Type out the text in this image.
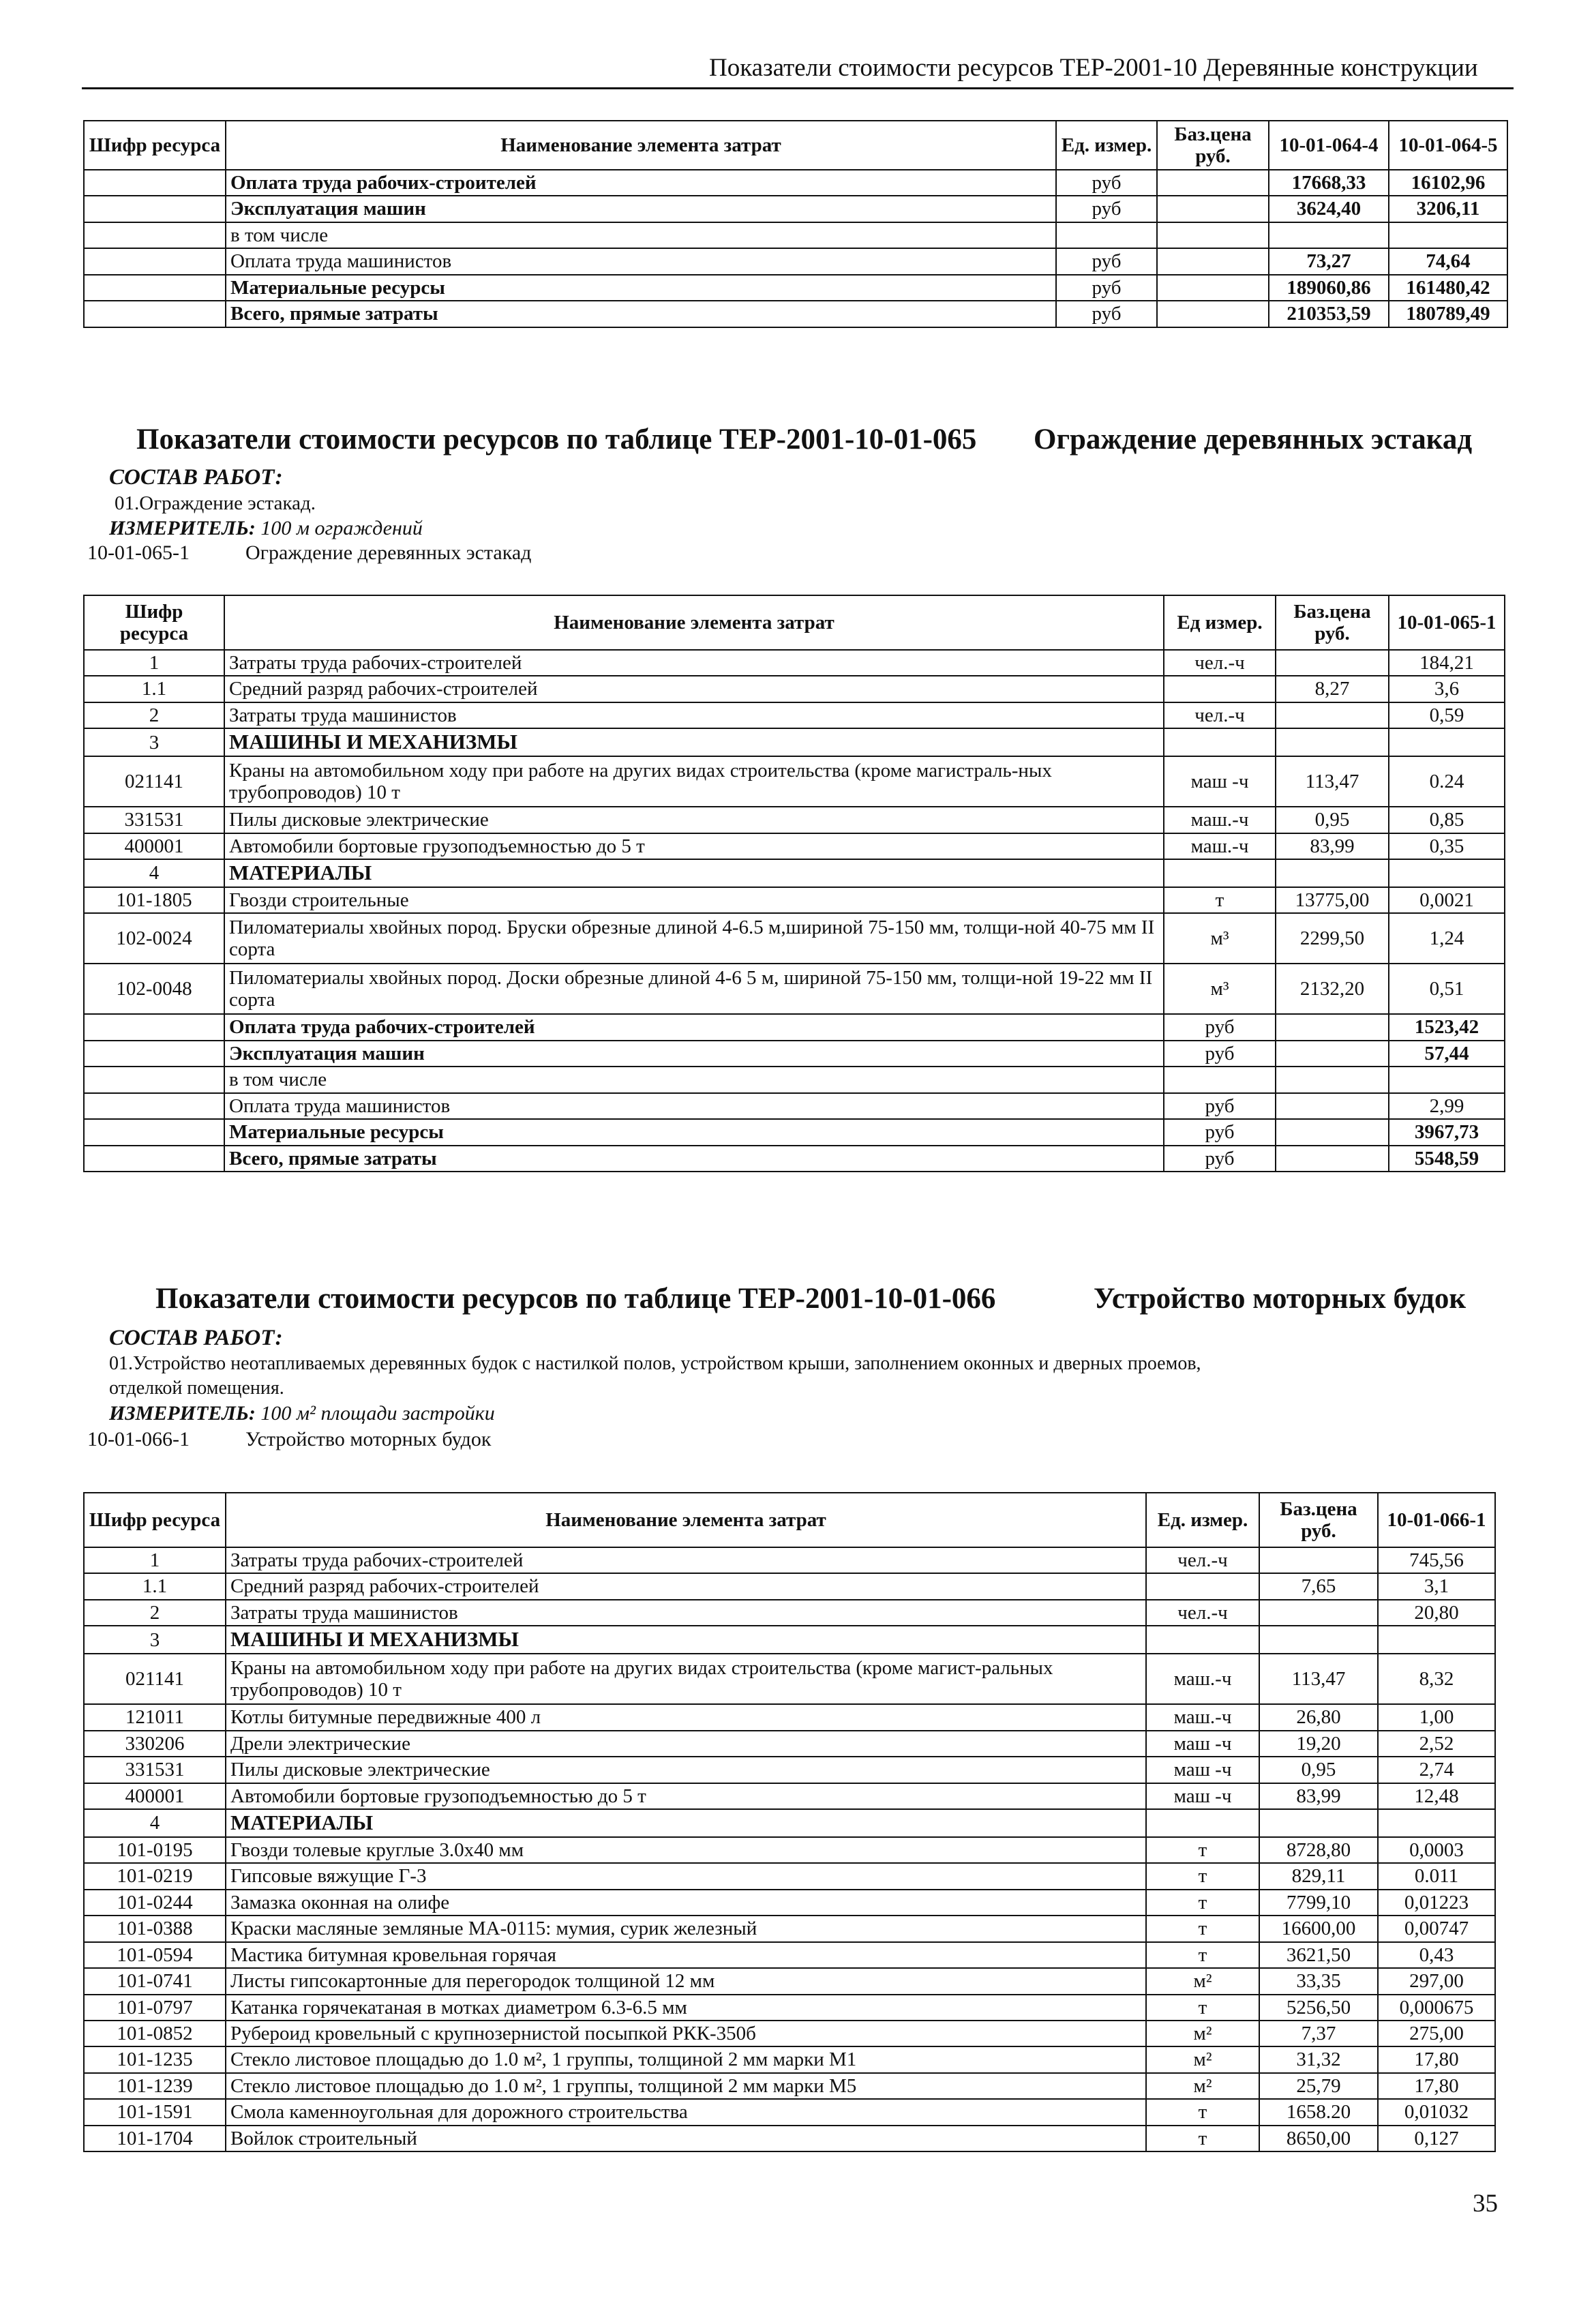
Показатели стоимости ресурсов ТЕР-2001-10 Деревянные конструкции
Шифр ресурса	Наименование элемента затрат	Ед. измер.	Баз.цена руб.	10-01-064-4	10-01-064-5
	Оплата труда рабочих-строителей	руб		17668,33	16102,96
	Эксплуатация машин	руб		3624,40	3206,11
	в том числе				
	Оплата труда машинистов	руб		73,27	74,64
	Материальные ресурсы	руб		189060,86	161480,42
	Всего, прямые затраты	руб		210353,59	180789,49
Показатели стоимости ресурсов по таблице ТЕР-2001-10-01-065 Ограждение деревянных эстакад
СОСТАВ РАБОТ:
01.Ограждение эстакад.
ИЗМЕРИТЕЛЬ: 100 м ограждений
10-01-065-1	Ограждение деревянных эстакад
Шифр ресурса	Наименование элемента затрат	Ед измер.	Баз.цена руб.	10-01-065-1
1	Затраты труда рабочих-строителей	чел.-ч		184,21
1.1	Средний разряд рабочих-строителей		8,27	3,6
2	Затраты труда машинистов	чел.-ч		0,59
3	МАШИНЫ И МЕХАНИЗМЫ			
021141	Краны на автомобильном ходу при работе на других видах строительства (кроме магистраль-ных трубопроводов) 10 т	маш -ч	113,47	0.24
331531	Пилы дисковые электрические	маш.-ч	0,95	0,85
400001	Автомобили бортовые грузоподъемностью до 5 т	маш.-ч	83,99	0,35
4	МАТЕРИАЛЫ			
101-1805	Гвозди строительные	т	13775,00	0,0021
102-0024	Пиломатериалы хвойных пород. Бруски обрезные длиной 4-6.5 м,шириной 75-150 мм, толщи-ной 40-75 мм II сорта	м³	2299,50	1,24
102-0048	Пиломатериалы хвойных пород. Доски обрезные длиной 4-6 5 м, шириной 75-150 мм, толщи-ной 19-22 мм II сорта	м³	2132,20	0,51
	Оплата труда рабочих-строителей	руб		1523,42
	Эксплуатация машин	руб		57,44
	в том числе			
	Оплата труда машинистов	руб		2,99
	Материальные ресурсы	руб		3967,73
	Всего, прямые затраты	руб		5548,59
Показатели стоимости ресурсов по таблице ТЕР-2001-10-01-066	Устройство моторных будок
СОСТАВ РАБОТ:
01.Устройство неотапливаемых деревянных будок с настилкой полов, устройством крыши, заполнением оконных и дверных проемов,
отделкой помещения.
ИЗМЕРИТЕЛЬ: 100 м² площади застройки
10-01-066-1	Устройство моторных будок
Шифр ресурса	Наименование элемента затрат	Ед. измер.	Баз.цена руб.	10-01-066-1
1	Затраты труда рабочих-строителей	чел.-ч		745,56
1.1	Средний разряд рабочих-строителей		7,65	3,1
2	Затраты труда машинистов	чел.-ч		20,80
3	МАШИНЫ И МЕХАНИЗМЫ			
021141	Краны на автомобильном ходу при работе на других видах строительства (кроме магист-ральных трубопроводов) 10 т	маш.-ч	113,47	8,32
121011	Котлы битумные передвижные 400 л	маш.-ч	26,80	1,00
330206	Дрели электрические	маш -ч	19,20	2,52
331531	Пилы дисковые электрические	маш -ч	0,95	2,74
400001	Автомобили бортовые грузоподъемностью до 5 т	маш -ч	83,99	12,48
4	МАТЕРИАЛЫ			
101-0195	Гвозди толевые круглые 3.0х40 мм	т	8728,80	0,0003
101-0219	Гипсовые вяжущие Г-3	т	829,11	0.011
101-0244	Замазка оконная на олифе	т	7799,10	0,01223
101-0388	Краски масляные земляные МА-0115: мумия, сурик железный	т	16600,00	0,00747
101-0594	Мастика битумная кровельная горячая	т	3621,50	0,43
101-0741	Листы гипсокартонные для перегородок толщиной 12 мм	м²	33,35	297,00
101-0797	Катанка горячекатаная в мотках диаметром 6.3-6.5 мм	т	5256,50	0,000675
101-0852	Рубероид кровельный с крупнозернистой посыпкой РКК-350б	м²	7,37	275,00
101-1235	Стекло листовое площадью до 1.0 м², 1 группы, толщиной 2 мм марки М1	м²	31,32	17,80
101-1239	Стекло листовое площадью до 1.0 м², 1 группы, толщиной 2 мм марки М5	м²	25,79	17,80
101-1591	Смола каменноугольная для дорожного строительства	т	1658.20	0,01032
101-1704	Войлок строительный	т	8650,00	0,127
35
